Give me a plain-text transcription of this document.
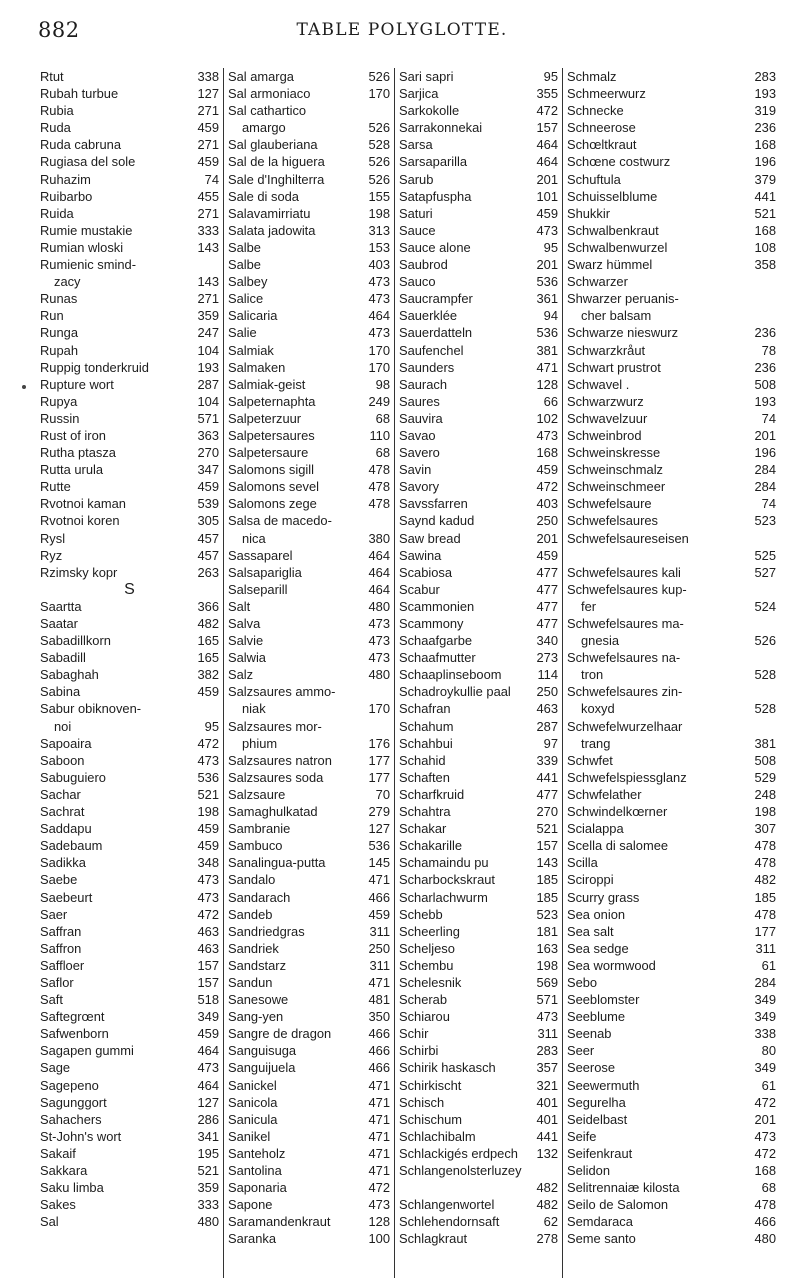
882	TABLE POLYGLOTTE.
Rtut	338
Rubah turbue	127
Rubia	271
Ruda	459
Ruda cabruna	271
Rugiasa del sole	459
Ruhazim	74
Ruibarbo	455
Ruida	271
Rumie mustakie	333
Rumian wloski	143
Rumienic smind-
zacy	143
Runas	271
Run	359
Runga	247
Rupah	104
Ruppig tonderkruid	193
Rupture wort	287
Rupya	104
Russin	571
Rust of iron	363
Rutha ptasza	270
Rutta urula	347
Rutte	459
Rvotnoi kaman	539
Rvotnoi koren	305
Rysl	457
Ryz	457
Rzimsky kopr	263
S
Saartta	366
Saatar	482
Sabadillkorn	165
Sabadill	165
Sabaghah	382
Sabina	459
Sabur obiknoven-
noi	95
Sapoaira	472
Saboon	473
Sabuguiero	536
Sachar	521
Sachrat	198
Saddapu	459
Sadebaum	459
Sadikka	348
Saebe	473
Saebeurt	473
Saer	472
Saffran	463
Saffron	463
Saffloer	157
Saflor	157
Saft	518
Saftegrœnt	349
Safwenborn	459
Sagapen gummi	464
Sage	473
Sagepeno	464
Sagunggort	127
Sahachers	286
St-John's wort	341
Sakaif	195
Sakkara	521
Saku limba	359
Sakes	333
Sal	480
Sal amarga	526
Sal armoniaco	170
Sal cathartico
amargo	526
Sal glauberiana	528
Sal de la higuera	526
Sale d'Inghilterra	526
Sale di soda	155
Salavamirriatu	198
Salata jadowita	313
Salbe	153
Salbe	403
Salbey	473
Salice	473
Salicaria	464
Salie	473
Salmiak	170
Salmaken	170
Salmiak-geist	98
Salpeternaphta	249
Salpeterzuur	68
Salpetersaures	110
Salpetersaure	68
Salomons sigill	478
Salomons sevel	478
Salomons zege	478
Salsa de macedo-
nica	380
Sassaparel	464
Salsapariglia	464
Salseparill	464
Salt	480
Salva	473
Salvie	473
Salwia	473
Salz	480
Salzsaures ammo-
niak	170
Salzsaures mor-
phium	176
Salzsaures natron	177
Salzsaures soda	177
Salzsaure	70
Samaghulkatad	279
Sambranie	127
Sambuco	536
Sanalingua-putta	145
Sandalo	471
Sandarach	466
Sandeb	459
Sandriedgras	311
Sandriek	250
Sandstarz	311
Sandun	471
Sanesowe	481
Sang-yen	350
Sangre de dragon	466
Sanguisuga	466
Sanguijuela	466
Sanickel	471
Sanicola	471
Sanicula	471
Sanikel	471
Santeholz	471
Santolina	471
Saponaria	472
Sapone	473
Saramandenkraut	128
Saranka	100
Sari sapri	95
Sarjica	355
Sarkokolle	472
Sarrakonnekai	157
Sarsa	464
Sarsaparilla	464
Sarub	201
Satapfuspha	101
Saturi	459
Sauce	473
Sauce alone	95
Saubrod	201
Sauco	536
Saucrampfer	361
Sauerklée	94
Sauerdatteln	536
Saufenchel	381
Saunders	471
Saurach	128
Saures	66
Sauvira	102
Savao	473
Savero	168
Savin	459
Savory	472
Savssfarren	403
Saynd kadud	250
Saw bread	201
Sawina	459
Scabiosa	477
Scabur	477
Scammonien	477
Scammony	477
Schaafgarbe	340
Schaafmutter	273
Schaaplinseboom	114
Schadroykullie paal	250
Schafran	463
Schahum	287
Schahbui	97
Schahid	339
Schaften	441
Scharfkruid	477
Schahtra	270
Schakar	521
Schakarille	157
Schamaindu pu	143
Scharbockskraut	185
Scharlachwurm	185
Schebb	523
Scheerling	181
Scheljeso	163
Schembu	198
Schelesnik	569
Scherab	571
Schiarou	473
Schir	311
Schirbi	283
Schirik haskasch	357
Schirkischt	321
Schisch	401
Schischum	401
Schlachibalm	441
Schlackigés erdpech	132
Schlangenolsterluzey
482
Schlangenwortel	482
Schlehendornsaft	62
Schlagkraut	278
Schmalz	283
Schmeerwurz	193
Schnecke	319
Schneerose	236
Schœltkraut	168
Schœne costwurz	196
Schuftula	379
Schuisselblume	441
Shukkir	521
Schwalbenkraut	168
Schwalbenwurzel	108
Swarz hümmel	358
Schwarzer
Shwarzer peruanis-
cher balsam
Schwarze nieswurz	236
Schwarzkråut	78
Schwart prustrot	236
Schwavel .	508
Schwarzwurz	193
Schwavelzuur	74
Schweinbrod	201
Schweinskresse	196
Schweinschmalz	284
Schweinschmeer	284
Schwefelsaure	74
Schwefelsaures	523
Schwefelsaureseisen
525
Schwefelsaures kali	527
Schwefelsaures kup-
fer	524
Schwefelsaures ma-
gnesia	526
Schwefelsaures na-
tron	528
Schwefelsaures zin-
koxyd	528
Schwefelwurzelhaar
trang	381
Schwfet	508
Schwefelspiessglanz	529
Schwfelather	248
Schwindelkœrner	198
Scialappa	307
Scella di salomee	478
Scilla	478
Sciroppi	482
Scurry grass	185
Sea onion	478
Sea salt	177
Sea sedge	311
Sea wormwood	61
Sebo	284
Seeblomster	349
Seeblume	349
Seenab	338
Seer	80
Seerose	349
Seewermuth	61
Segurelha	472
Seidelbast	201
Seife	473
Seifenkraut	472
Selidon	168
Selitrennaiæ kilosta	68
Seilo de Salomon	478
Semdaraca	466
Seme santo	480
